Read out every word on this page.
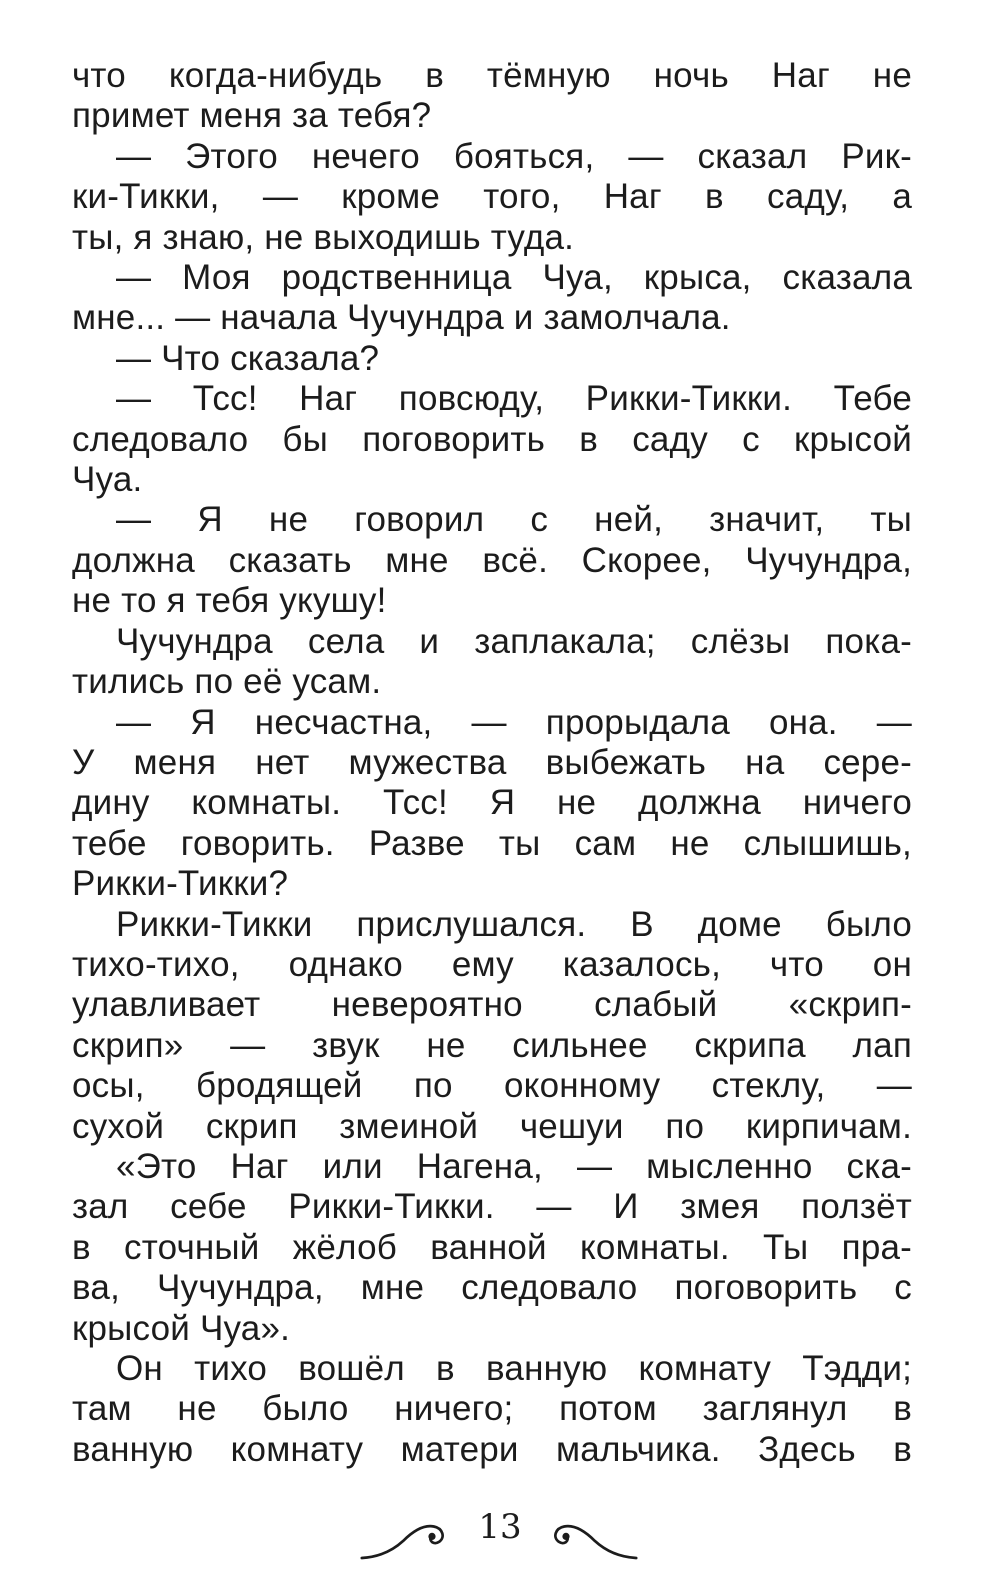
что когда-нибудь в тёмную ночь Наг не
примет меня за тебя?
— Этого нечего бояться, — сказал Рик-
ки-Тикки, — кроме того, Наг в саду, а
ты, я знаю, не выходишь туда.
— Моя родственница Чуа, крыса, сказала
мне... — начала Чучундра и замолчала.
— Что сказала?
— Тсс! Наг повсюду, Рикки-Тикки. Тебе
следовало бы поговорить в саду с крысой
Чуа.
— Я не говорил с ней, значит, ты
должна сказать мне всё. Скорее, Чучундра,
не то я тебя укушу!
Чучундра села и заплакала; слёзы пока-
тились по её усам.
— Я несчастна, — прорыдала она. —
У меня нет мужества выбежать на сере-
дину комнаты. Тсс! Я не должна ничего
тебе говорить. Разве ты сам не слышишь,
Рикки-Тикки?
Рикки-Тикки прислушался. В доме было
тихо-тихо, однако ему казалось, что он
улавливает невероятно слабый «скрип-
скрип» — звук не сильнее скрипа лап
осы, бродящей по оконному стеклу, —
сухой скрип змеиной чешуи по кирпичам.
«Это Наг или Нагена, — мысленно ска-
зал себе Рикки-Тикки. — И змея ползёт
в сточный жёлоб ванной комнаты. Ты пра-
ва, Чучундра, мне следовало поговорить с
крысой Чуа».
Он тихо вошёл в ванную комнату Тэдди;
там не было ничего; потом заглянул в
ванную комнату матери мальчика. Здесь в
13
